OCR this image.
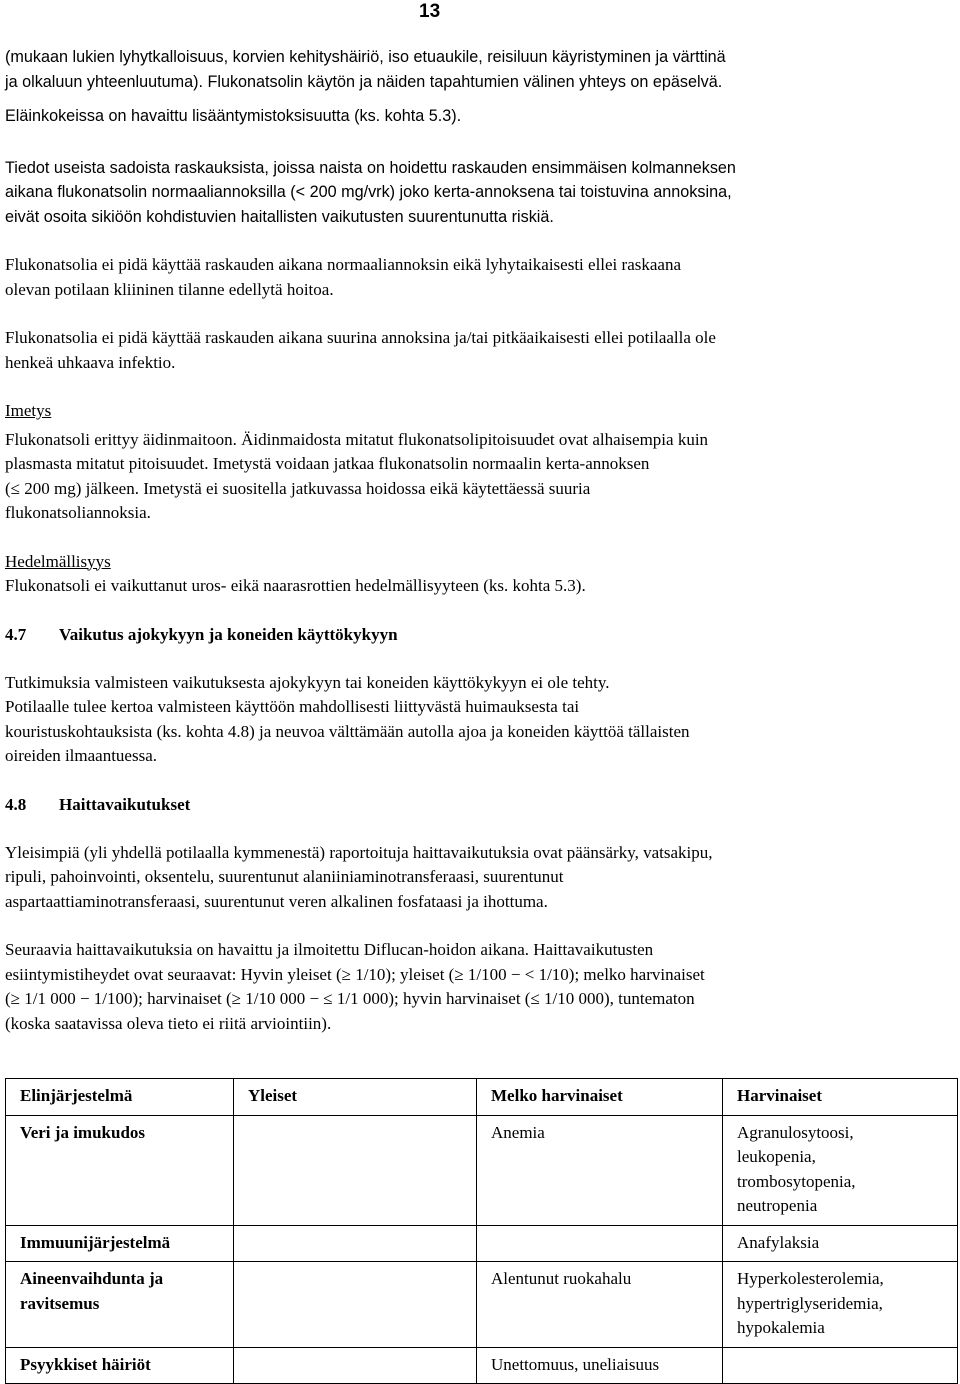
13

(mukaan lukien lyhytkalloisuus, korvien kehityshäiriö, iso etuaukile, reisiluun käyristyminen ja värttinä
ja olkaluun yhteenluutuma). Flukonatsolin käytön ja näiden tapahtumien välinen yhteys on epäselvä.

Eläinkokeissa on havaittu lisääntymistoksisuutta (ks. kohta 5.3).

Tiedot useista sadoista raskauksista, joissa naista on hoidettu raskauden ensimmäisen kolmanneksen
aikana flukonatsolin normaaliannoksilla (< 200 mg/vrk) joko kerta-annoksena tai toistuvina annoksina,
eivät osoita sikiöön kohdistuvien haitallisten vaikutusten suurentunutta riskiä.

Flukonatsolia ei pidä käyttää raskauden aikana normaaliannoksin eikä lyhytaikaisesti ellei raskaana
olevan potilaan kliininen tilanne edellytä hoitoa.

Flukonatsolia ei pidä käyttää raskauden aikana suurina annoksina ja/tai pitkäaikaisesti ellei potilaalla ole
henkeä uhkaava infektio.

Imetys

Flukonatsoli erittyy äidinmaitoon. Äidinmaidosta mitatut flukonatsolipitoisuudet ovat alhaisempia kuin
plasmasta mitatut pitoisuudet. Imetystä voidaan jatkaa flukonatsolin normaalin kerta-annoksen
(≤ 200 mg) jälkeen. Imetystä ei suositella jatkuvassa hoidossa eikä käytettäessä suuria
flukonatsoliannoksia.

Hedelmällisyys

Flukonatsoli ei vaikuttanut uros- eikä naarasrottien hedelmällisyyteen (ks. kohta 5.3).

4.7	Vaikutus ajokykyyn ja koneiden käyttökykyyn

Tutkimuksia valmisteen vaikutuksesta ajokykyyn tai koneiden käyttökykyyn ei ole tehty.
Potilaalle tulee kertoa valmisteen käyttöön mahdollisesti liittyvästä huimauksesta tai
kouristuskohtauksista (ks. kohta 4.8) ja neuvoa välttämään autolla ajoa ja koneiden käyttöä tällaisten
oireiden ilmaantuessa.

4.8	Haittavaikutukset

Yleisimpiä (yli yhdellä potilaalla kymmenestä) raportoituja haittavaikutuksia ovat päänsärky, vatsakipu,
ripuli, pahoinvointi, oksentelu, suurentunut alaniiniaminotransferaasi, suurentunut
aspartaattiaminotransferaasi, suurentunut veren alkalinen fosfataasi ja ihottuma.

Seuraavia haittavaikutuksia on havaittu ja ilmoitettu Diflucan-hoidon aikana. Haittavaikutusten
esiintymistiheydet ovat seuraavat: Hyvin yleiset (≥ 1/10); yleiset (≥ 1/100 − < 1/10); melko harvinaiset
(≥ 1/1 000 − 1/100); harvinaiset (≥ 1/10 000 − ≤ 1/1 000); hyvin harvinaiset (≤ 1/10 000), tuntematon
(koska saatavissa oleva tieto ei riitä arviointiin).

Elinjärjestelmä	Yleiset	Melko harvinaiset	Harvinaiset
Veri ja imukudos		Anemia	Agranulosytoosi,
leukopenia,
trombosytopenia,
neutropenia
Immuunijärjestelmä			Anafylaksia
Aineenvaihdunta ja ravitsemus		Alentunut ruokahalu	Hyperkolesterolemia,
hypertriglyseridemia,
hypokalemia
Psyykkiset häiriöt		Unettomuus, uneliaisuus	
